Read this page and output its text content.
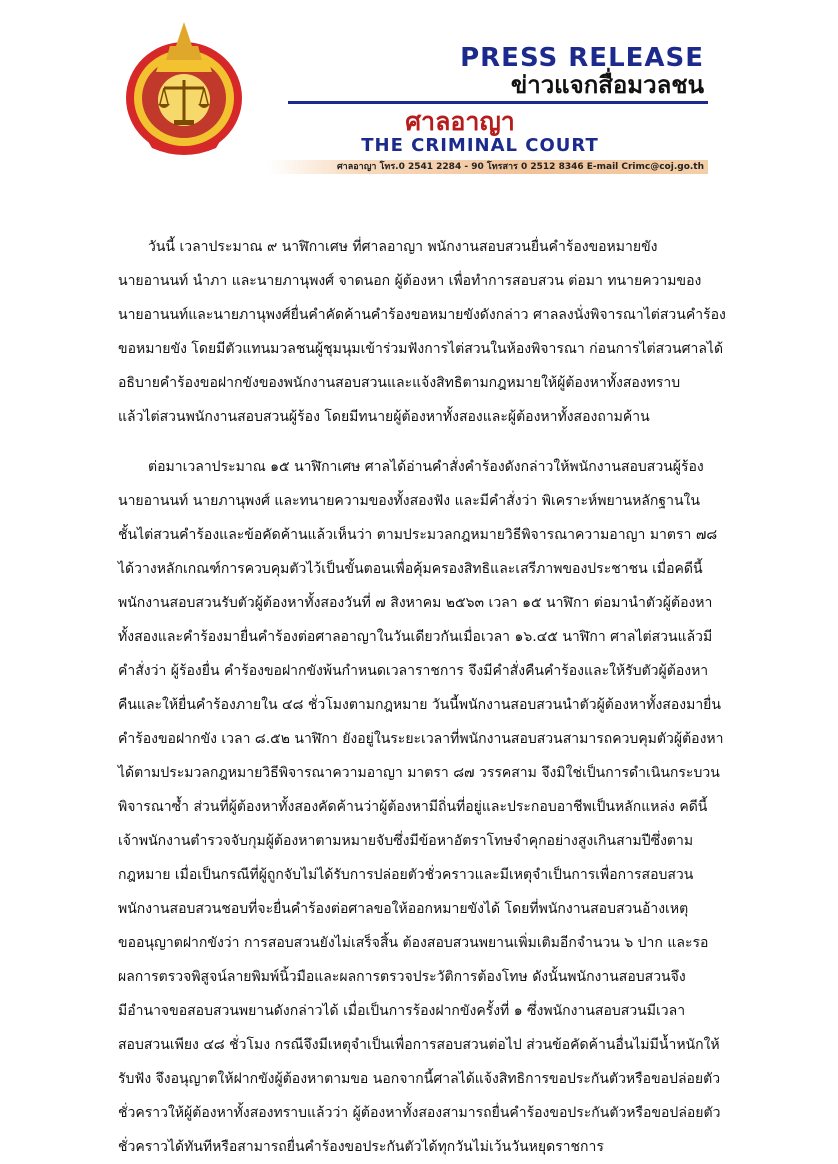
PRESS RELEASE
ข่าวแจกสื่อมวลชน
ศาลอาญา
THE CRIMINAL COURT
ศาลอาญา โทร.0 2541 2284 - 90 โทรสาร 0 2512 8346 E-mail Crimc@coj.go.th

วันนี้ เวลาประมาณ ๙ นาฬิกาเศษ ที่ศาลอาญา พนักงานสอบสวนยื่นคำร้องขอหมายขัง

นายอานนท์ นำภา และนายภานุพงศ์ จาดนอก ผู้ต้องหา เพื่อทำการสอบสวน ต่อมา ทนายความของ

นายอานนท์และนายภานุพงศ์ยื่นคำคัดค้านคำร้องขอหมายขังดังกล่าว ศาลลงนั่งพิจารณาไต่สวนคำร้อง

ขอหมายขัง โดยมีตัวแทนมวลชนผู้ชุมนุมเข้าร่วมฟังการไต่สวนในห้องพิจารณา ก่อนการไต่สวนศาลได้

อธิบายคำร้องขอฝากขังของพนักงานสอบสวนและแจ้งสิทธิตามกฎหมายให้ผู้ต้องหาทั้งสองทราบ

แล้วไต่สวนพนักงานสอบสวนผู้ร้อง โดยมีทนายผู้ต้องหาทั้งสองและผู้ต้องหาทั้งสองถามค้าน

ต่อมาเวลาประมาณ ๑๕ นาฬิกาเศษ ศาลได้อ่านคำสั่งคำร้องดังกล่าวให้พนักงานสอบสวนผู้ร้อง

นายอานนท์ นายภานุพงศ์ และทนายความของทั้งสองฟัง และมีคำสั่งว่า พิเคราะห์พยานหลักฐานใน

ชั้นไต่สวนคำร้องและข้อคัดค้านแล้วเห็นว่า ตามประมวลกฎหมายวิธีพิจารณาความอาญา มาตรา ๗๘

ได้วางหลักเกณฑ์การควบคุมตัวไว้เป็นขั้นตอนเพื่อคุ้มครองสิทธิและเสรีภาพของประชาชน เมื่อคดีนี้

พนักงานสอบสวนรับตัวผู้ต้องหาทั้งสองวันที่ ๗ สิงหาคม ๒๕๖๓ เวลา ๑๕ นาฬิกา ต่อมานำตัวผู้ต้องหา

ทั้งสองและคำร้องมายื่นคำร้องต่อศาลอาญาในวันเดียวกันเมื่อเวลา ๑๖.๔๕ นาฬิกา ศาลไต่สวนแล้วมี

คำสั่งว่า ผู้ร้องยื่น คำร้องขอฝากขังพ้นกำหนดเวลาราชการ จึงมีคำสั่งคืนคำร้องและให้รับตัวผู้ต้องหา

คืนและให้ยื่นคำร้องภายใน ๔๘ ชั่วโมงตามกฎหมาย วันนี้พนักงานสอบสวนนำตัวผู้ต้องหาทั้งสองมายื่น

คำร้องขอฝากขัง เวลา ๘.๕๒ นาฬิกา ยังอยู่ในระยะเวลาที่พนักงานสอบสวนสามารถควบคุมตัวผู้ต้องหา

ได้ตามประมวลกฎหมายวิธีพิจารณาความอาญา มาตรา ๘๗ วรรคสาม จึงมิใช่เป็นการดำเนินกระบวน

พิจารณาซ้ำ ส่วนที่ผู้ต้องหาทั้งสองคัดค้านว่าผู้ต้องหามีถิ่นที่อยู่และประกอบอาชีพเป็นหลักแหล่ง คดีนี้

เจ้าพนักงานตำรวจจับกุมผู้ต้องหาตามหมายจับซึ่งมีข้อหาอัตราโทษจำคุกอย่างสูงเกินสามปีซึ่งตาม

กฎหมาย เมื่อเป็นกรณีที่ผู้ถูกจับไม่ได้รับการปล่อยตัวชั่วคราวและมีเหตุจำเป็นการเพื่อการสอบสวน

พนักงานสอบสวนชอบที่จะยื่นคำร้องต่อศาลขอให้ออกหมายขังได้ โดยที่พนักงานสอบสวนอ้างเหตุ

ขออนุญาตฝากขังว่า การสอบสวนยังไม่เสร็จสิ้น ต้องสอบสวนพยานเพิ่มเติมอีกจำนวน ๖ ปาก และรอ

ผลการตรวจพิสูจน์ลายพิมพ์นิ้วมือและผลการตรวจประวัติการต้องโทษ ดังนั้นพนักงานสอบสวนจึง

มีอำนาจขอสอบสวนพยานดังกล่าวได้ เมื่อเป็นการร้องฝากขังครั้งที่ ๑ ซึ่งพนักงานสอบสวนมีเวลา

สอบสวนเพียง ๔๘ ชั่วโมง กรณีจึงมีเหตุจำเป็นเพื่อการสอบสวนต่อไป ส่วนข้อคัดค้านอื่นไม่มีน้ำหนักให้

รับฟัง จึงอนุญาตให้ฝากขังผู้ต้องหาตามขอ นอกจากนี้ศาลได้แจ้งสิทธิการขอประกันตัวหรือขอปล่อยตัว

ชั่วคราวให้ผู้ต้องหาทั้งสองทราบแล้วว่า ผู้ต้องหาทั้งสองสามารถยื่นคำร้องขอประกันตัวหรือขอปล่อยตัว

ชั่วคราวได้ทันทีหรือสามารถยื่นคำร้องขอประกันตัวได้ทุกวันไม่เว้นวันหยุดราชการ
